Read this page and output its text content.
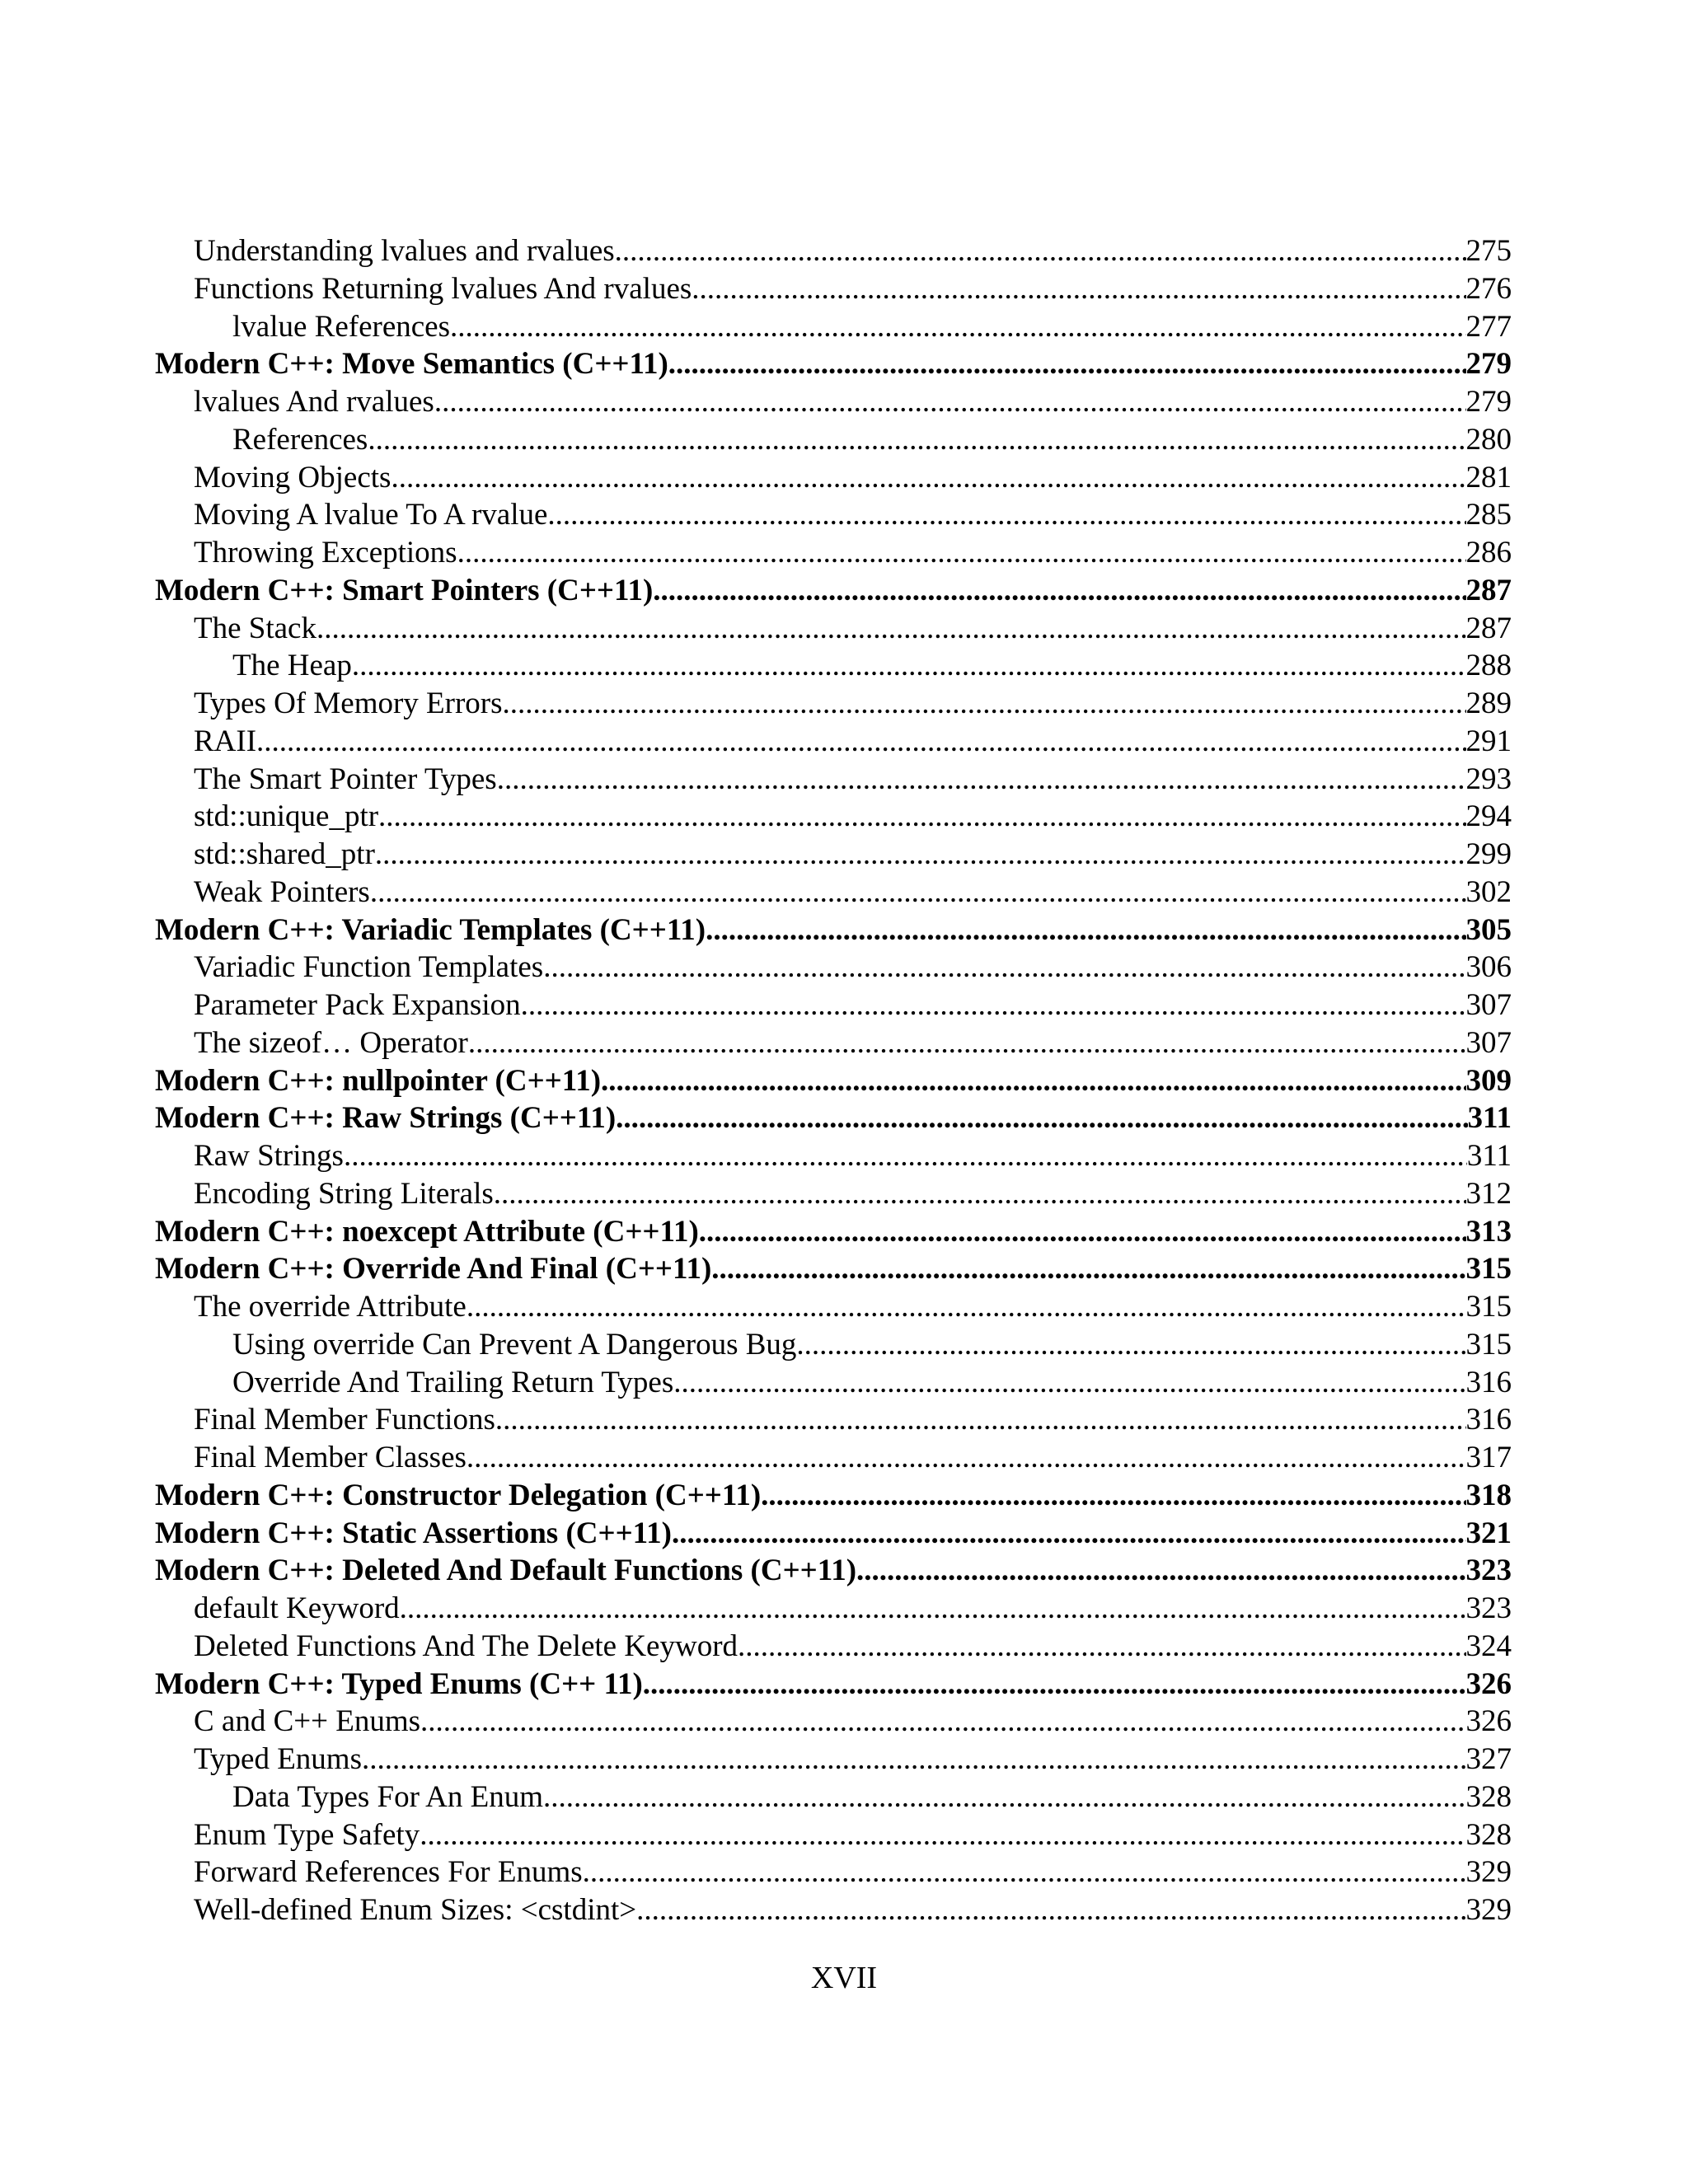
Understanding lvalues and rvalues .....	275
Functions Returning lvalues And rvalues .....	276
lvalue References .....	277
Modern C++: Move Semantics (C++11) .....	279
lvalues And rvalues .....	279
References .....	280
Moving Objects .....	281
Moving A lvalue To A rvalue .....	285
Throwing Exceptions .....	286
Modern C++: Smart Pointers (C++11) .....	287
The Stack .....	287
The Heap .....	288
Types Of Memory Errors .....	289
RAII .....	291
The Smart Pointer Types .....	293
std::unique_ptr .....	294
std::shared_ptr .....	299
Weak Pointers .....	302
Modern C++: Variadic Templates (C++11) .....	305
Variadic Function Templates .....	306
Parameter Pack Expansion .....	307
The sizeof… Operator .....	307
Modern C++: nullpointer (C++11) .....	309
Modern C++: Raw Strings (C++11) .....	311
Raw Strings .....	311
Encoding String Literals .....	312
Modern C++: noexcept Attribute (C++11) .....	313
Modern C++: Override And Final (C++11) .....	315
The override Attribute .....	315
Using override Can Prevent A Dangerous Bug .....	315
Override And Trailing Return Types .....	316
Final Member Functions .....	316
Final Member Classes .....	317
Modern C++: Constructor Delegation (C++11) .....	318
Modern C++: Static Assertions (C++11) .....	321
Modern C++: Deleted And Default Functions (C++11) .....	323
default Keyword .....	323
Deleted Functions And The Delete Keyword .....	324
Modern C++: Typed Enums (C++ 11) .....	326
C and C++ Enums .....	326
Typed Enums .....	327
Data Types For An Enum .....	328
Enum Type Safety .....	328
Forward References For Enums .....	329
Well-defined Enum Sizes: <cstdint> .....	329
XVII
